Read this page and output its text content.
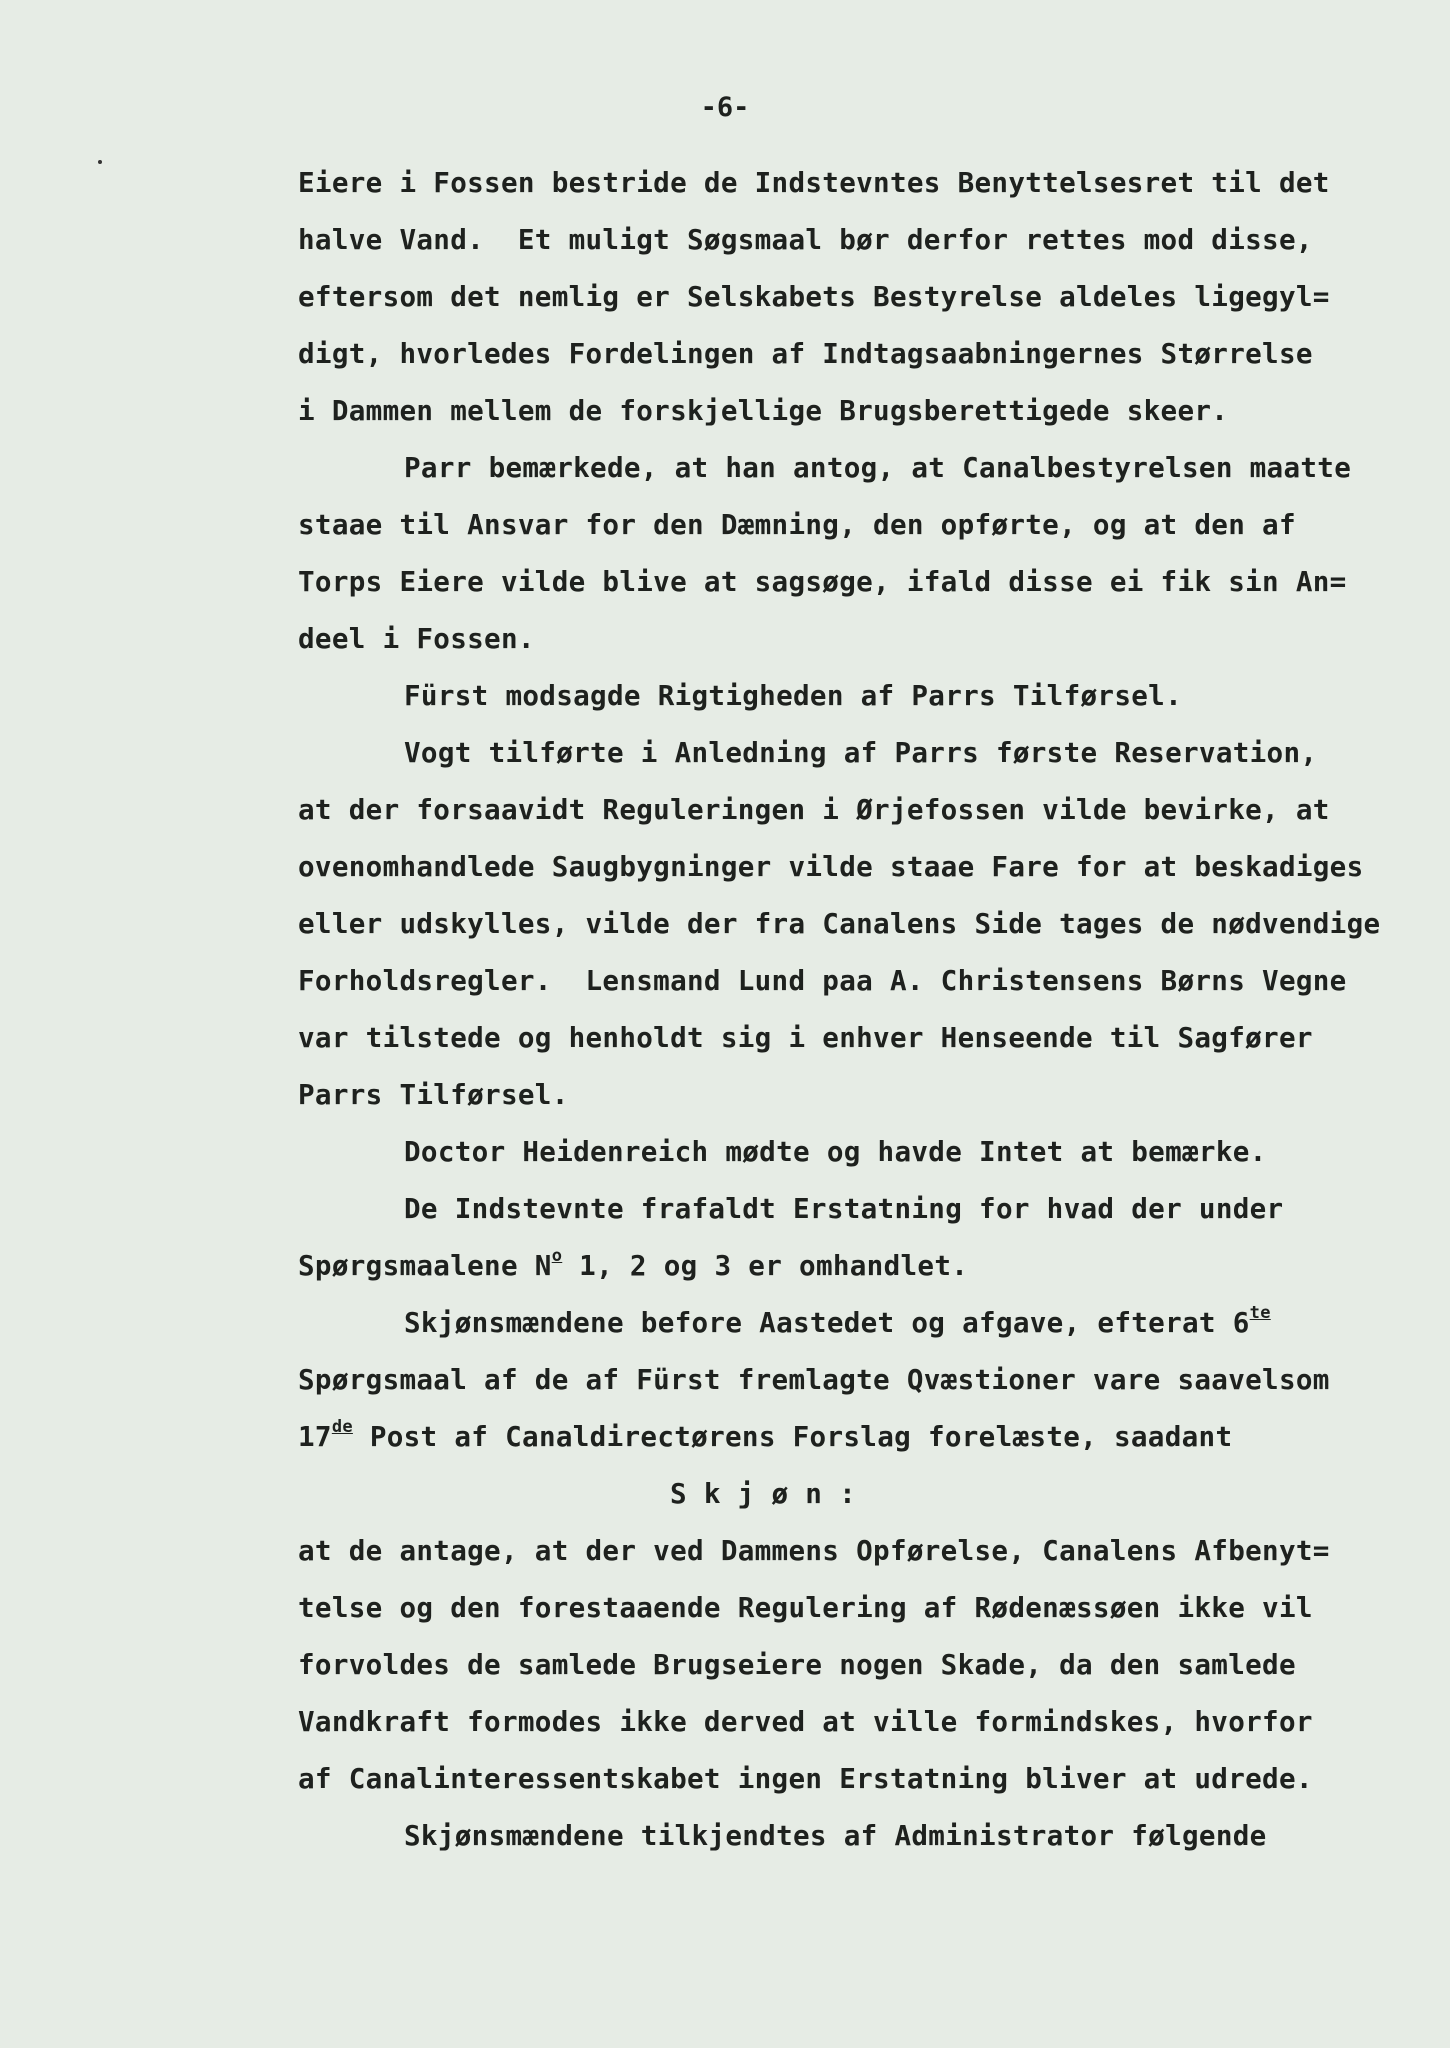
-6-
Eiere i Fossen bestride de Indstevntes Benyttelsesret til det
halve Vand.  Et muligt Søgsmaal bør derfor rettes mod disse,
eftersom det nemlig er Selskabets Bestyrelse aldeles ligegyl=
digt, hvorledes Fordelingen af Indtagsaabningernes Størrelse
i Dammen mellem de forskjellige Brugsberettigede skeer.
Parr bemærkede, at han antog, at Canalbestyrelsen maatte
staae til Ansvar for den Dæmning, den opførte, og at den af
Torps Eiere vilde blive at sagsøge, ifald disse ei fik sin An=
deel i Fossen.
Fürst modsagde Rigtigheden af Parrs Tilførsel.
Vogt tilførte i Anledning af Parrs første Reservation,
at der forsaavidt Reguleringen i Ørjefossen vilde bevirke, at
ovenomhandlede Saugbygninger vilde staae Fare for at beskadiges
eller udskylles, vilde der fra Canalens Side tages de nødvendige
Forholdsregler.  Lensmand Lund paa A. Christensens Børns Vegne
var tilstede og henholdt sig i enhver Henseende til Sagfører
Parrs Tilførsel.
Doctor Heidenreich mødte og havde Intet at bemærke.
De Indstevnte frafaldt Erstatning for hvad der under
Spørgsmaalene $N^o$ 1, 2 og 3 er omhandlet.
Skjønsmændene before Aastedet og afgave, efterat $6^{te}$
Spørgsmaal af de af Fürst fremlagte Qvæstioner vare saavelsom
17de Post af Canaldirectørens Forslag forelæste, saadant
S k j ø n :
at de antage, at der ved Dammens Opførelse, Canalens Afbenyt=
telse og den forestaaende Regulering af Rødenæssøen ikke vil
forvoldes de samlede Brugseiere nogen Skade, da den samlede
Vandkraft formodes ikke derved at ville formindskes, hvorfor
af Canalinteressentskabet ingen Erstatning bliver at udrede.
Skjønsmændene tilkjendtes af Administrator følgende
